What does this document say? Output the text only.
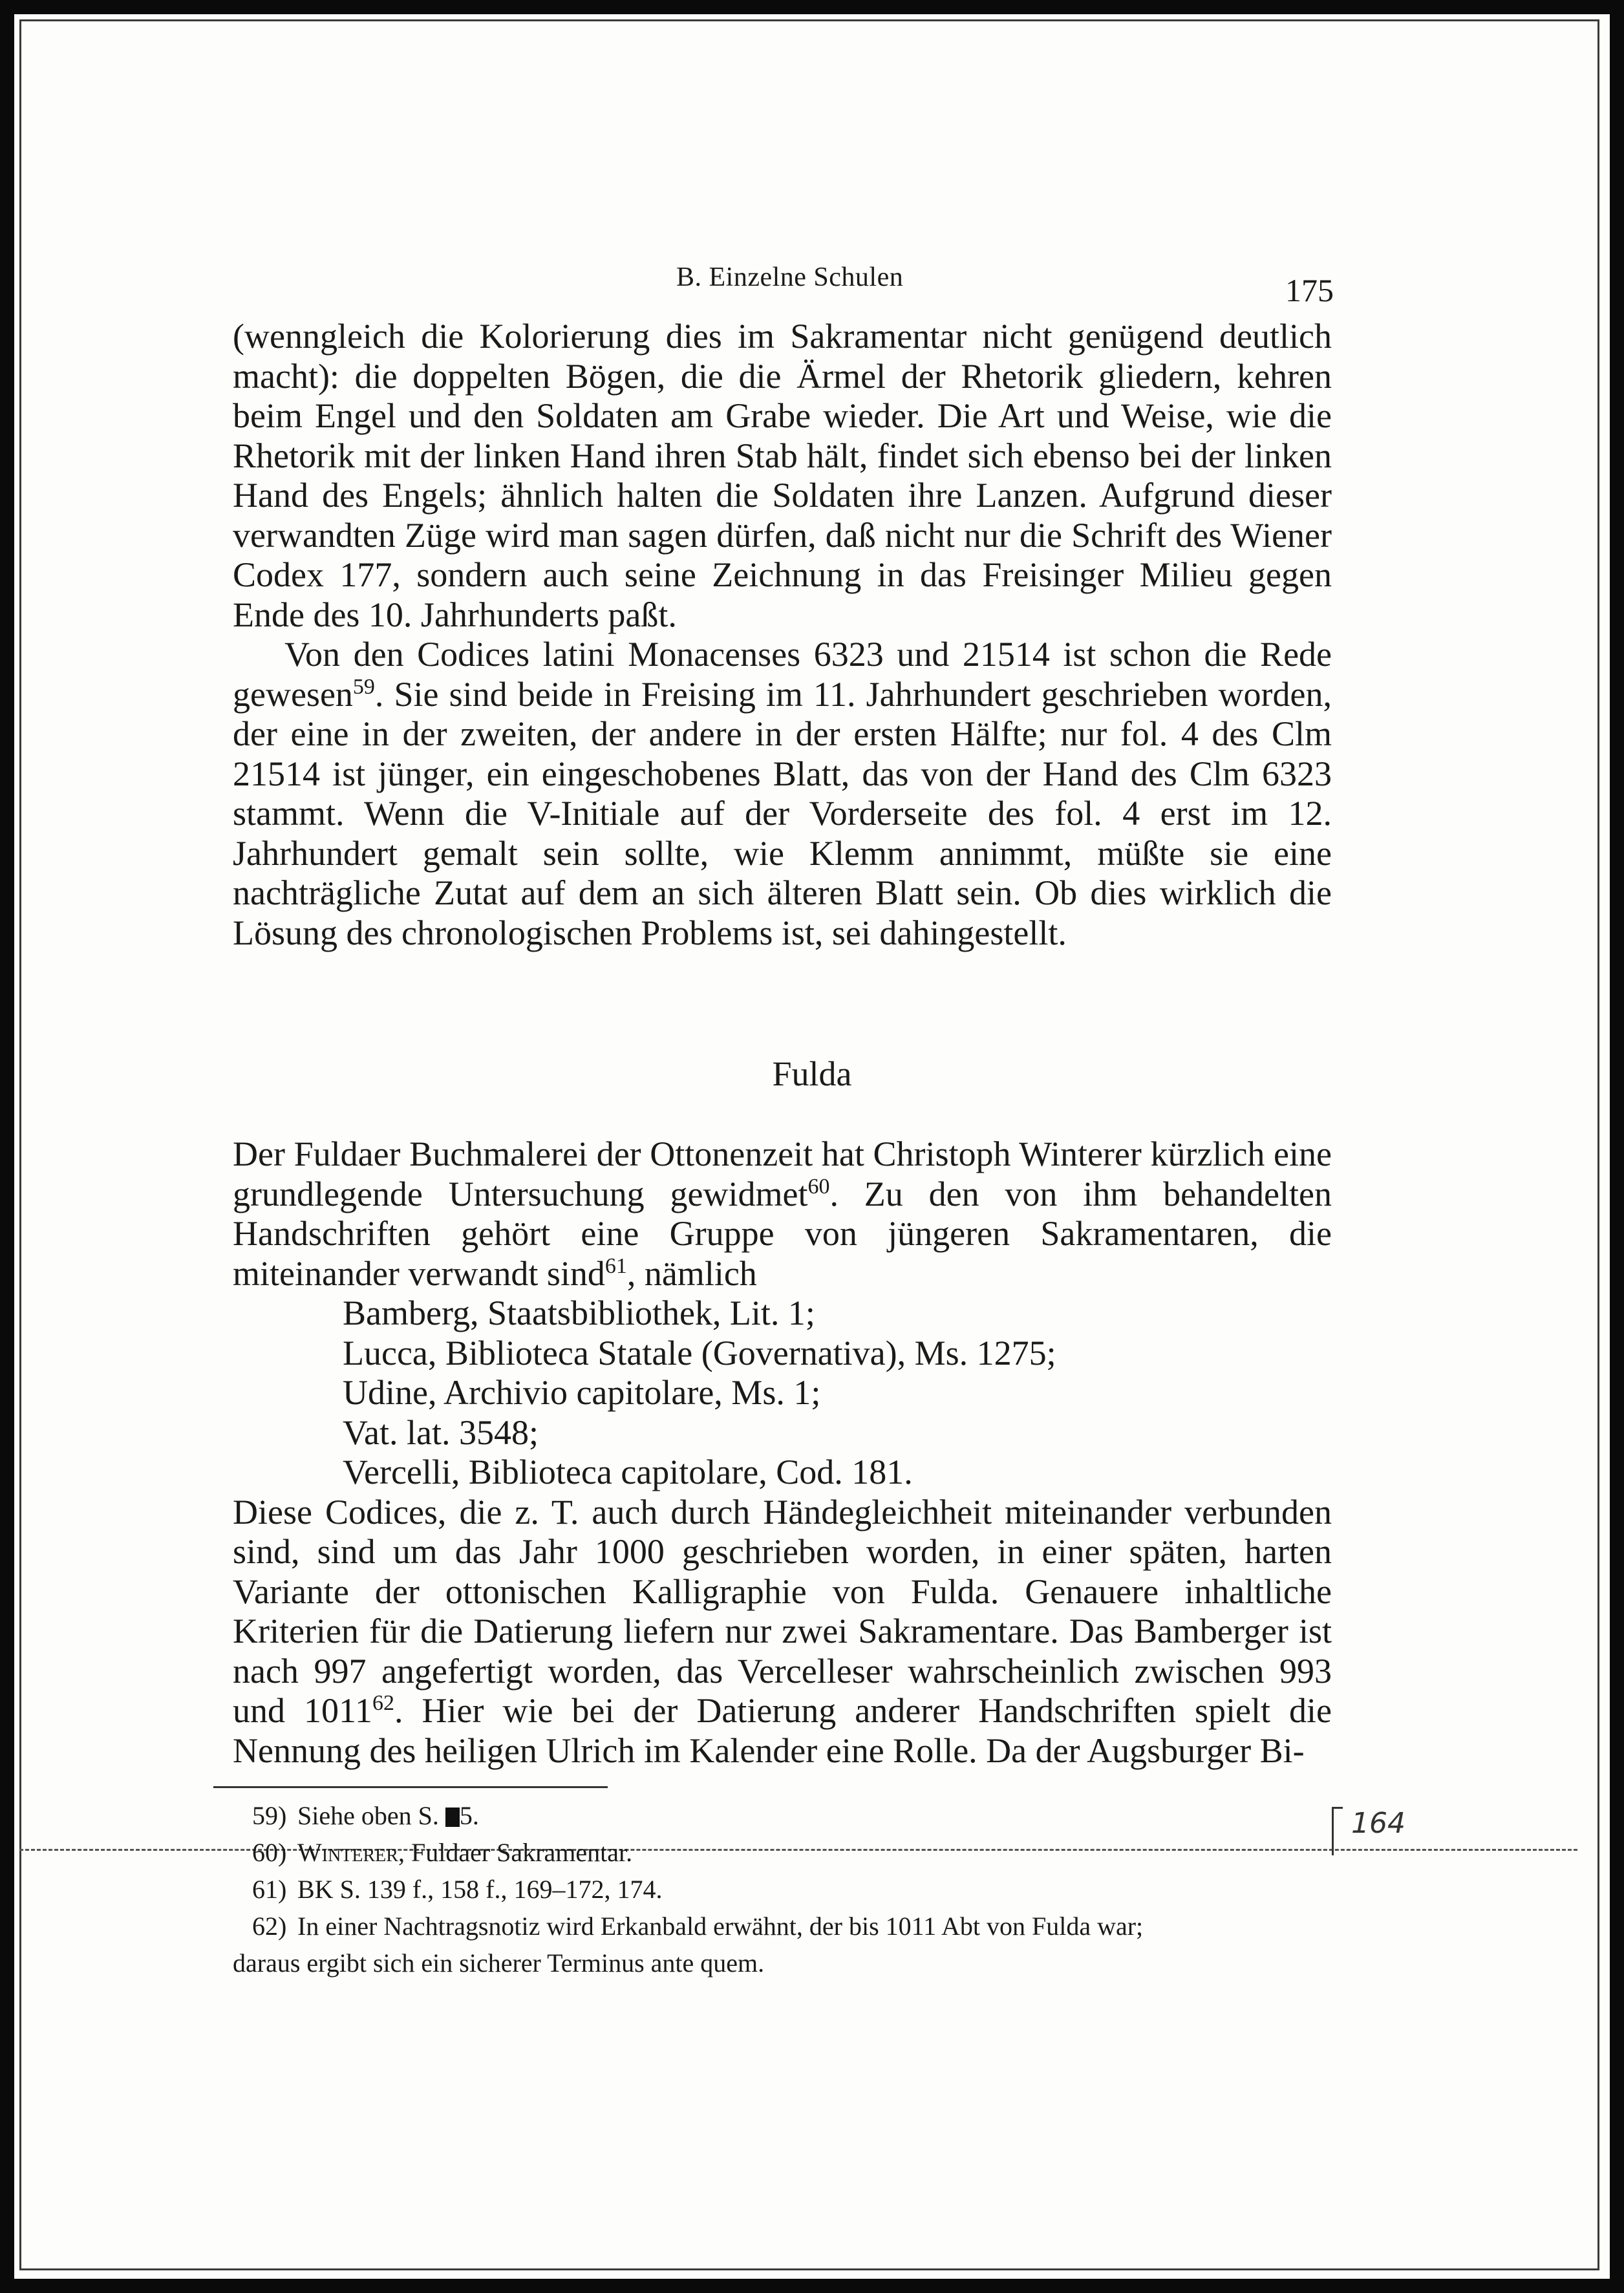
B. Einzelne Schulen	175

(wenngleich die Kolorierung dies im Sakramentar nicht genügend deutlich macht): die doppelten Bögen, die die Ärmel der Rhetorik gliedern, kehren beim Engel und den Soldaten am Grabe wieder. Die Art und Weise, wie die Rhetorik mit der linken Hand ihren Stab hält, findet sich ebenso bei der linken Hand des Engels; ähnlich halten die Soldaten ihre Lanzen. Aufgrund dieser verwandten Züge wird man sagen dürfen, daß nicht nur die Schrift des Wiener Codex 177, sondern auch seine Zeichnung in das Freisinger Milieu gegen Ende des 10. Jahrhunderts paßt.

Von den Codices latini Monacenses 6323 und 21514 ist schon die Rede gewesen$^{59}$. Sie sind beide in Freising im 11. Jahrhundert geschrieben worden, der eine in der zweiten, der andere in der ersten Hälfte; nur fol. 4 des Clm 21514 ist jünger, ein eingeschobenes Blatt, das von der Hand des Clm 6323 stammt. Wenn die V-Initiale auf der Vorderseite des fol. 4 erst im 12. Jahrhundert gemalt sein sollte, wie Klemm annimmt, müßte sie eine nachträgliche Zutat auf dem an sich älteren Blatt sein. Ob dies wirklich die Lösung des chronologischen Problems ist, sei dahingestellt.

Fulda

Der Fuldaer Buchmalerei der Ottonenzeit hat Christoph Winterer kürzlich eine grundlegende Untersuchung gewidmet$^{60}$. Zu den von ihm behandelten Handschriften gehört eine Gruppe von jüngeren Sakramentaren, die miteinander verwandt sind$^{61}$, nämlich

Bamberg, Staatsbibliothek, Lit. 1;
Lucca, Biblioteca Statale (Governativa), Ms. 1275;
Udine, Archivio capitolare, Ms. 1;
Vat. lat. 3548;
Vercelli, Biblioteca capitolare, Cod. 181.

Diese Codices, die z. T. auch durch Händegleichheit miteinander verbunden sind, sind um das Jahr 1000 geschrieben worden, in einer späten, harten Variante der ottonischen Kalligraphie von Fulda. Genauere inhaltliche Kriterien für die Datierung liefern nur zwei Sakramentare. Das Bamberger ist nach 997 angefertigt worden, das Vercelleser wahrscheinlich zwischen 993 und 1011$^{62}$. Hier wie bei der Datierung anderer Handschriften spielt die Nennung des heiligen Ulrich im Kalender eine Rolle. Da der Augsburger Bi-

59) Siehe oben S. 5.

60) Winterer, Fuldaer Sakramentar.

61) BK S. 139 f., 158 f., 169–172, 174.

62) In einer Nachtragsnotiz wird Erkanbald erwähnt, der bis 1011 Abt von Fulda war;

daraus ergibt sich ein sicherer Terminus ante quem.

164
